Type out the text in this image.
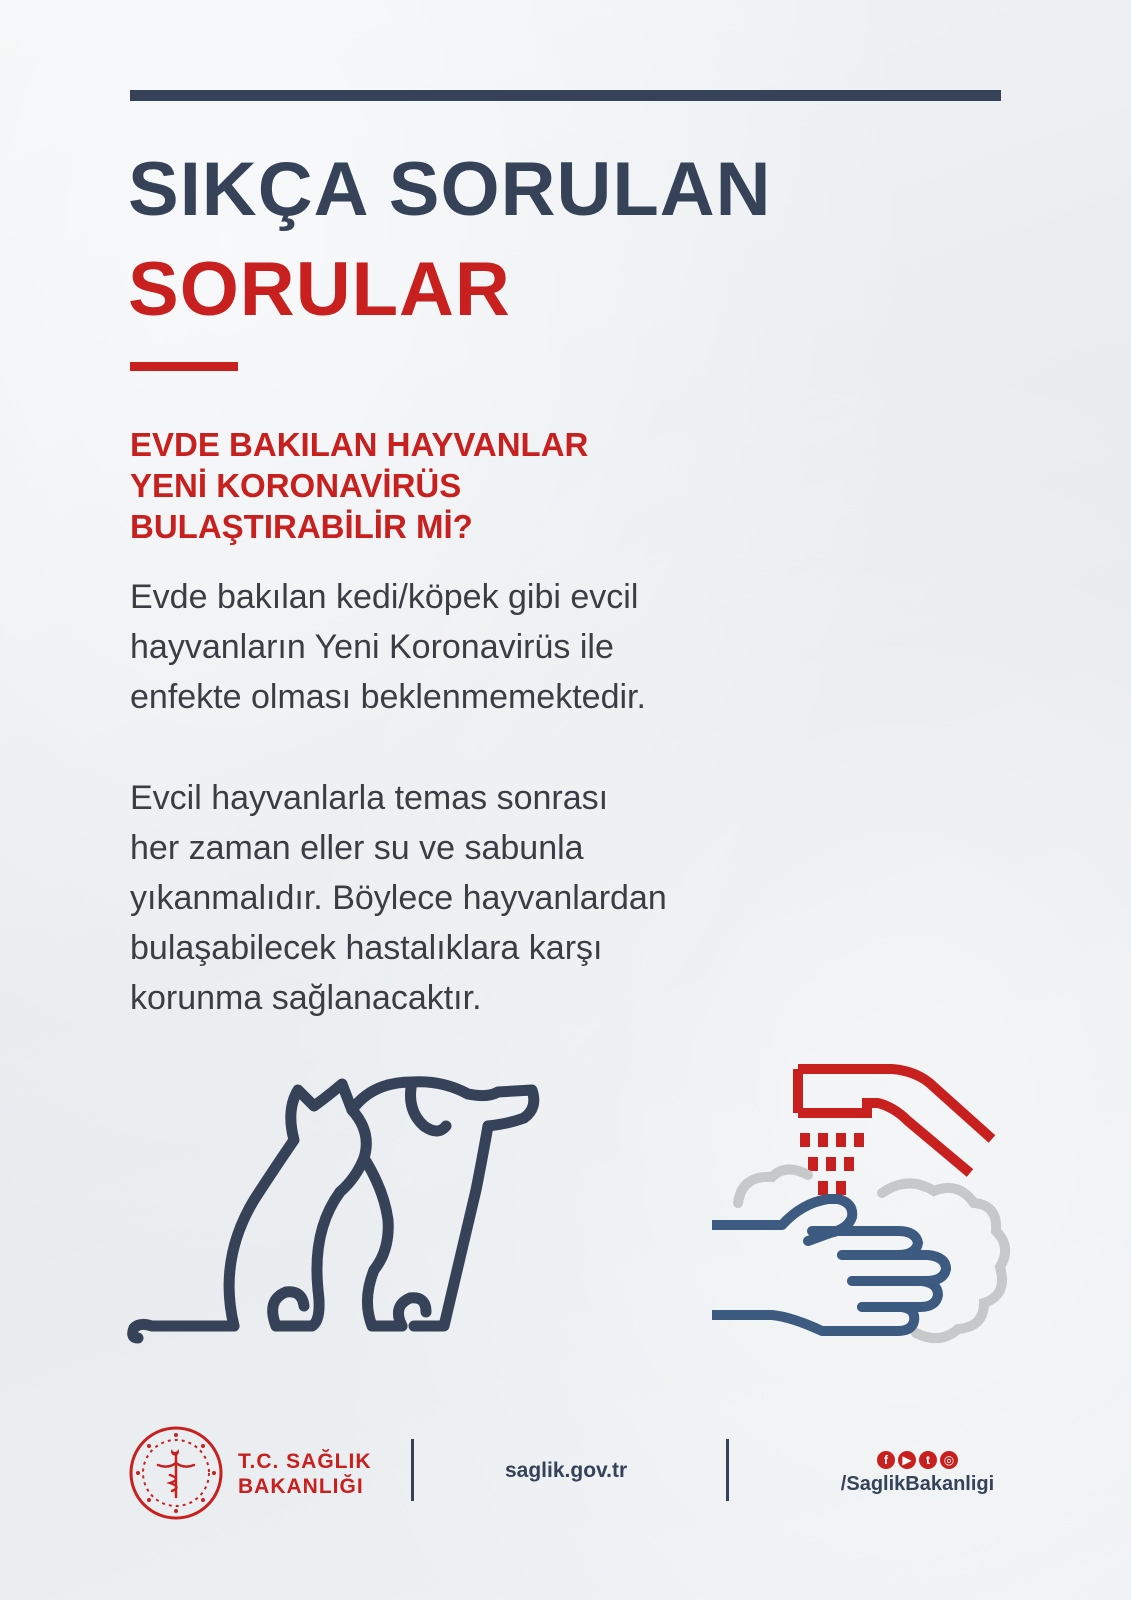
SIKÇA SORULAN
SORULAR
EVDE BAKILAN HAYVANLAR
YENİ KORONAVİRÜS
BULAŞTIRABİLİR Mİ?

Evde bakılan kedi/köpek gibi evcil
hayvanların Yeni Koronavirüs ile
enfekte olması beklenmemektedir.

Evcil hayvanlarla temas sonrası
her zaman eller su ve sabunla
yıkanmalıdır. Böylece hayvanlardan
bulaşabilecek hastalıklara karşı
korunma sağlanacaktır.

T.C. SAĞLIK
BAKANLIĞI
saglik.gov.tr	f	▶	t	◎
/SaglikBakanligi
